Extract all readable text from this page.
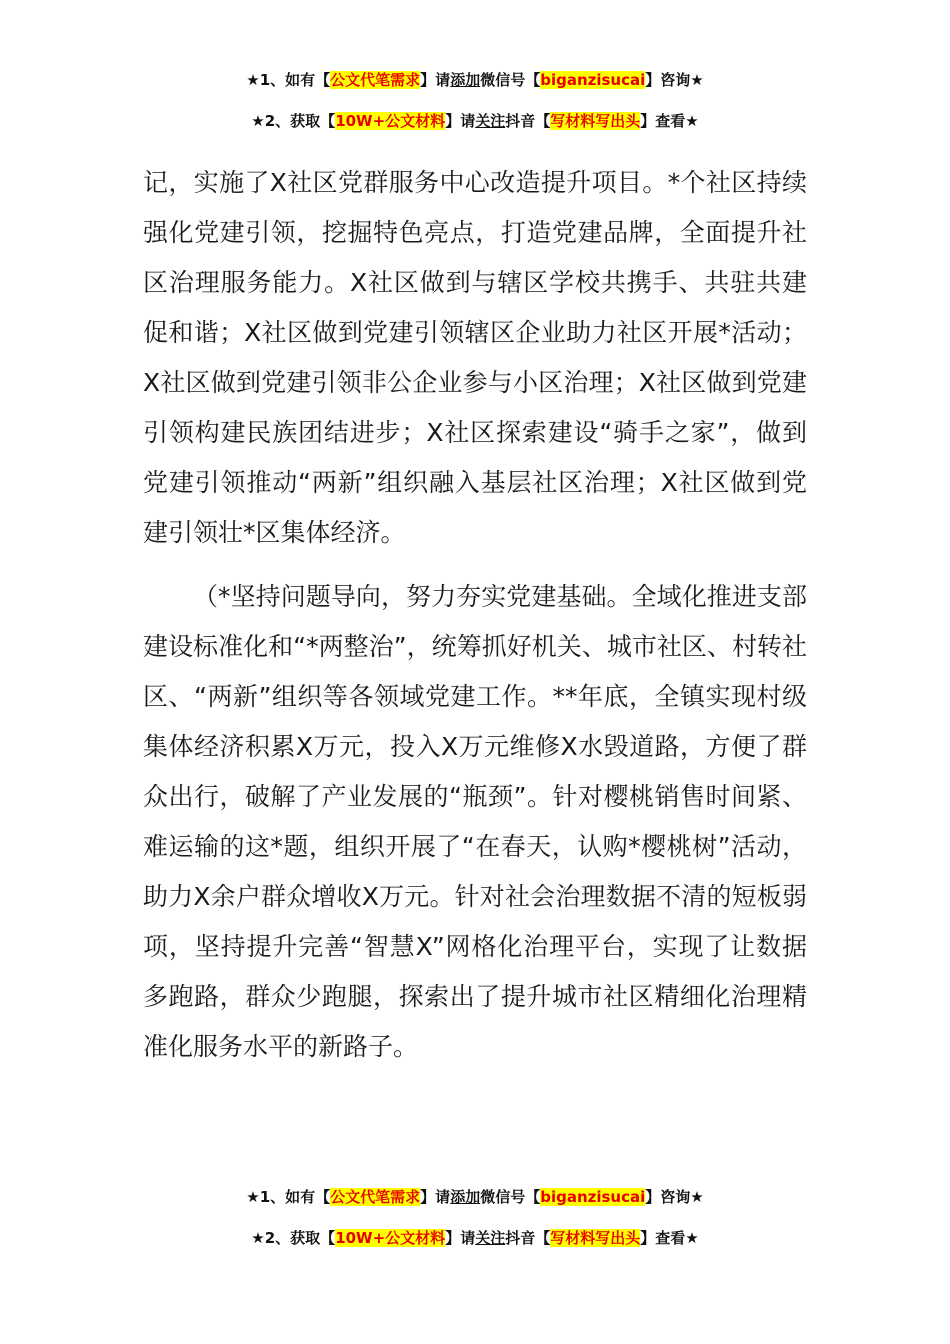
★1、如有【公文代笔需求】请添加微信号【biganzisucai】咨询★
★2、获取【10W+公文材料】请关注抖音【写材料写出头】查看★
记，实施了X社区党群服务中心改造提升项目。*个社区持续强化党建引领，挖掘特色亮点，打造党建品牌，全面提升社区治理服务能力。X社区做到与辖区学校共携手、共驻共建促和谐；X社区做到党建引领辖区企业助力社区开展*活动；X社区做到党建引领非公企业参与小区治理；X社区做到党建引领构建民族团结进步；X社区探索建设“骑手之家”，做到党建引领推动“两新”组织融入基层社区治理；X社区做到党建引领壮*区集体经济。
（*坚持问题导向，努力夯实党建基础。全域化推进支部建设标准化和“*两整治”，统筹抓好机关、城市社区、村转社区、“两新”组织等各领域党建工作。**年底，全镇实现村级集体经济积累X万元，投入X万元维修X水毁道路，方便了群众出行，破解了产业发展的“瓶颈”。针对樱桃销售时间紧、难运输的这*题，组织开展了“在春天，认购*樱桃树”活动，助力X余户群众增收X万元。针对社会治理数据不清的短板弱项，坚持提升完善“智慧X”网格化治理平台，实现了让数据多跑路，群众少跑腿，探索出了提升城市社区精细化治理精准化服务水平的新路子。
★1、如有【公文代笔需求】请添加微信号【biganzisucai】咨询★
★2、获取【10W+公文材料】请关注抖音【写材料写出头】查看★
